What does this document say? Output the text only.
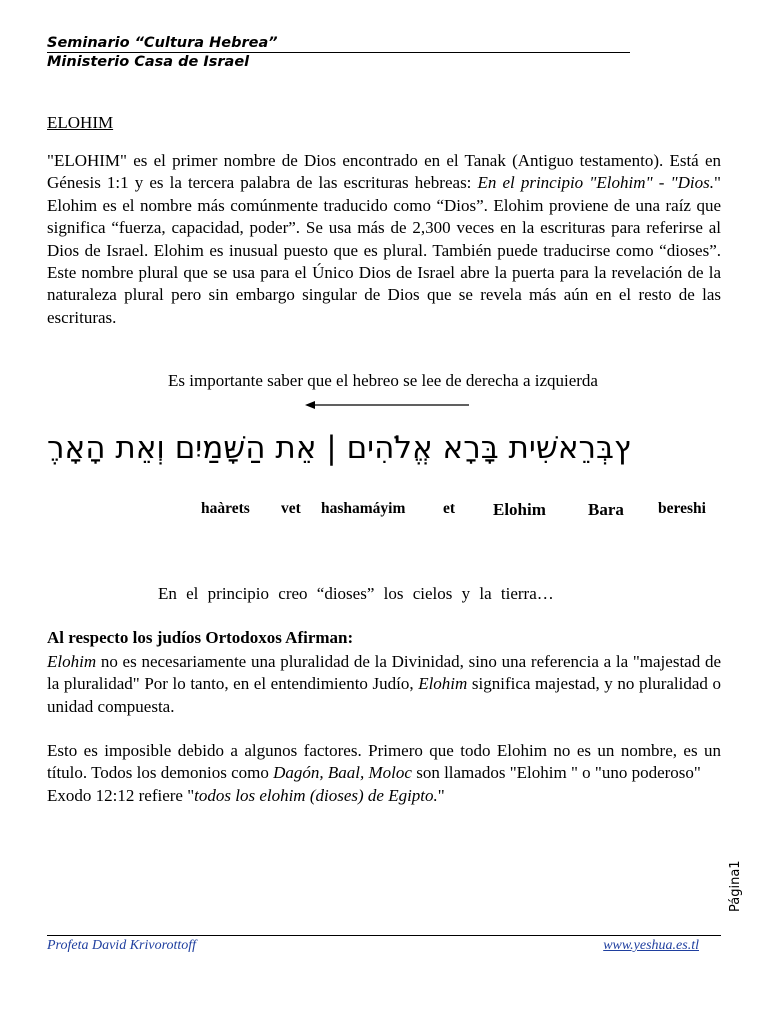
Seminario “Cultura Hebrea”
Ministerio Casa de Israel
ELOHIM
"ELOHIM" es el primer nombre de Dios encontrado en el Tanak (Antiguo testamento). Está en Génesis 1:1 y es la tercera palabra de las escrituras hebreas: En el principio "Elohim" - "Dios." Elohim es el nombre más comúnmente traducido como “Dios”. Elohim proviene de una raíz que significa “fuerza, capacidad, poder”. Se usa más de 2,300 veces en la escrituras para referirse al Dios de Israel. Elohim es inusual puesto que es plural. También puede traducirse como “dioses”. Este nombre plural que se usa para el Único Dios de Israel abre la puerta para la revelación de la naturaleza plural pero sin embargo singular de Dios que se revela más aún en el resto de las escrituras.
Es importante saber que el hebreo se lee de derecha a izquierda
ץבְּרֵאשִׁית בָּרָא אֱלֹהִים | אֵת הַשָּׁמַיִם וְאֵת הָאָרֶ
haàrets vet hashamáyim et Elohim Bara bereshi
En el principio creo “dioses” los cielos y la tierra…
Al respecto los judíos Ortodoxos Afirman:
Elohim no es necesariamente una pluralidad de la Divinidad, sino una referencia a la "majestad de la pluralidad" Por lo tanto, en el entendimiento Judío, Elohim significa majestad, y no pluralidad o unidad compuesta.
Esto es imposible debido a algunos factores. Primero que todo Elohim no es un nombre, es un título. Todos los demonios como Dagón, Baal, Moloc son llamados "Elohim " o "uno poderoso"
Exodo 12:12 refiere "todos los elohim (dioses) de Egipto."
Página1
Profeta David Krivorottoff	www.yeshua.es.tl
